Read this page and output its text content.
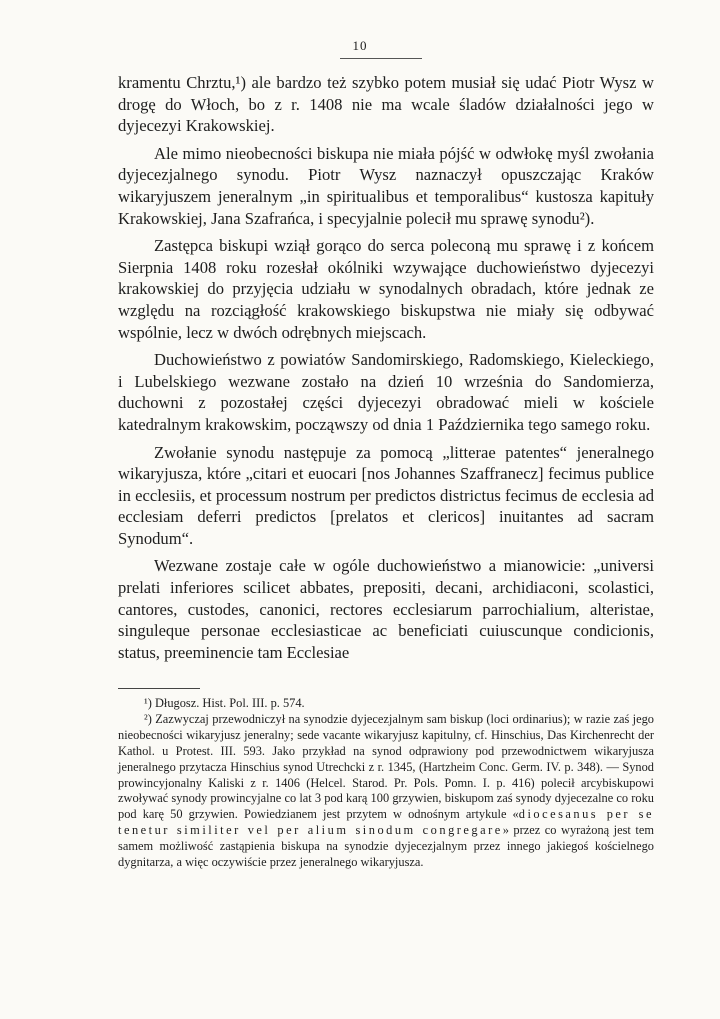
10

kramentu Chrztu,¹) ale bardzo też szybko potem musiał się udać Piotr Wysz w drogę do Włoch, bo z r. 1408 nie ma wcale śladów działalności jego w dyjecezyi Krakowskiej.

Ale mimo nieobecności biskupa nie miała pójść w odwłokę myśl zwołania dyjecezjalnego synodu. Piotr Wysz naznaczył opuszczając Kraków wikaryjuszem jeneralnym „in spiritualibus et temporalibus“ kustosza kapituły Krakowskiej, Jana Szafrańca, i specyjalnie polecił mu sprawę synodu²).

Zastępca biskupi wziął gorąco do serca poleconą mu sprawę i z końcem Sierpnia 1408 roku rozesłał okólniki wzywające duchowieństwo dyjecezyi krakowskiej do przyjęcia udziału w synodalnych obradach, które jednak ze względu na rozciągłość krakowskiego biskupstwa nie miały się odbywać wspólnie, lecz w dwóch odrębnych miejscach.

Duchowieństwo z powiatów Sandomirskiego, Radomskiego, Kieleckiego, i Lubelskiego wezwane zostało na dzień 10 września do Sandomierza, duchowni z pozostałej części dyjecezyi obradować mieli w kościele katedralnym krakowskim, począwszy od dnia 1 Października tego samego roku.

Zwołanie synodu następuje za pomocą „litterae patentes“ jeneralnego wikaryjusza, które „citari et euocari [nos Johannes Szaffranecz] fecimus publice in ecclesiis, et processum nostrum per predictos districtus fecimus de ecclesia ad ecclesiam deferri predictos [prelatos et clericos] inuitantes ad sacram Synodum“.

Wezwane zostaje całe w ogóle duchowieństwo a mianowicie: „universi prelati inferiores scilicet abbates, prepositi, decani, archidiaconi, scolastici, cantores, custodes, canonici, rectores ecclesiarum parrochialium, alteristae, singuleque personae ecclesiasticae ac beneficiati cuiuscunque condicionis, status, preeminencie tam Ecclesiae

¹) Długosz. Hist. Pol. III. p. 574.

²) Zazwyczaj przewodniczył na synodzie dyjecezjalnym sam biskup (loci ordinarius); w razie zaś jego nieobecności wikaryjusz jeneralny; sede vacante wikaryjusz kapitulny, cf. Hinschius, Das Kirchenrecht der Kathol. u Protest. III. 593. Jako przykład na synod odprawiony pod przewodnictwem wikaryjusza jeneralnego przytacza Hinschius synod Utrechcki z r. 1345, (Hartzheim Conc. Germ. IV. p. 348). — Synod prowincyjonalny Kaliski z r. 1406 (Helcel. Starod. Pr. Pols. Pomn. I. p. 416) polecił arcybiskupowi zwoływać synody prowincyjalne co lat 3 pod karą 100 grzywien, biskupom zaś synody dyjecezalne co roku pod karę 50 grzywien. Powiedzianem jest przytem w odnośnym artykule «diocesanus per se tenetur similiter vel per alium sinodum congregare» przez co wyrażoną jest tem samem możliwość zastąpienia biskupa na synodzie dyjecezjalnym przez innego jakiegoś kościelnego dygnitarza, a więc oczywiście przez jeneralnego wikaryjusza.
